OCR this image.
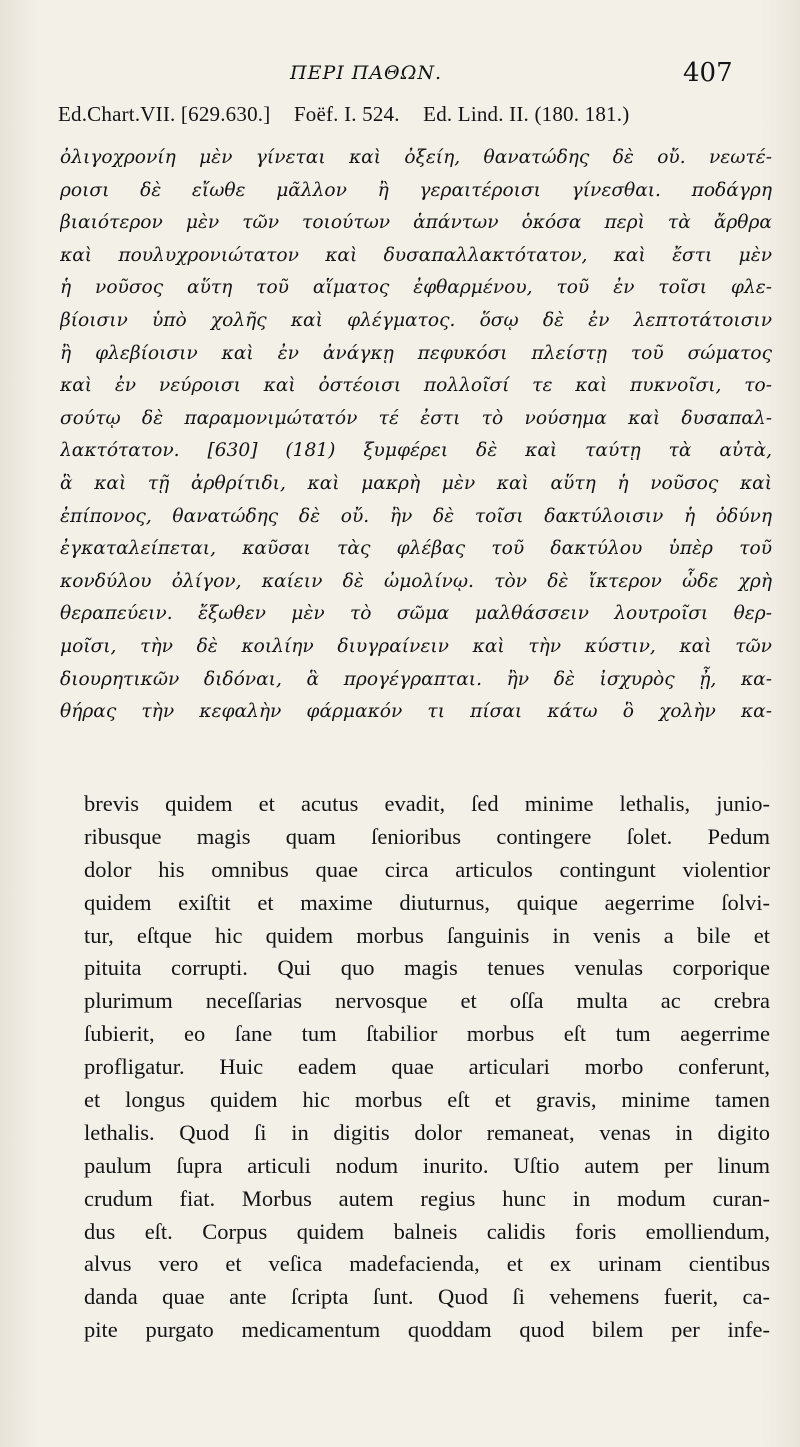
ΠΕΡΙ ΠΑΘΩΝ.	407
Ed.Chart.VII. [629.630.] Foëf. I. 524. Ed. Lind. II. (180. 181.)
ὀλιγοχρονίη μὲν γίνεται καὶ ὀξείη, θανατώδης δὲ οὔ. νεωτέ-
ροισι δὲ εἴωθε μᾶλλον ἢ γεραιτέροισι γίνεσθαι. ποδάγρη
βιαιότερον μὲν τῶν τοιούτων ἁπάντων ὁκόσα περὶ τὰ ἄρθρα
καὶ πουλυχρονιώτατον καὶ δυσαπαλλακτότατον, καὶ ἔστι μὲν
ἡ νοῦσος αὕτη τοῦ αἵματος ἐφθαρμένου, τοῦ ἐν τοῖσι φλε-
βίοισιν ὑπὸ χολῆς καὶ φλέγματος. ὅσῳ δὲ ἐν λεπτοτάτοισιν
ἢ φλεβίοισιν καὶ ἐν ἀνάγκῃ πεφυκόσι πλείστῃ τοῦ σώματος
καὶ ἐν νεύροισι καὶ ὀστέοισι πολλοῖσί τε καὶ πυκνοῖσι, το-
σούτῳ δὲ παραμονιμώτατόν τέ ἐστι τὸ νούσημα καὶ δυσαπαλ-
λακτότατον. [630] (181) ξυμφέρει δὲ καὶ ταύτῃ τὰ αὐτὰ,
ἃ καὶ τῇ ἀρθρίτιδι, καὶ μακρὴ μὲν καὶ αὕτη ἡ νοῦσος καὶ
ἐπίπονος, θανατώδης δὲ οὔ. ἢν δὲ τοῖσι δακτύλοισιν ἡ ὀδύνη
ἐγκαταλείπεται, καῦσαι τὰς φλέβας τοῦ δακτύλου ὑπὲρ τοῦ
κονδύλου ὀλίγον, καίειν δὲ ὠμολίνῳ. τὸν δὲ ἴκτερον ὧδε χρὴ
θεραπεύειν. ἔξωθεν μὲν τὸ σῶμα μαλθάσσειν λουτροῖσι θερ-
μοῖσι, τὴν δὲ κοιλίην διυγραίνειν καὶ τὴν κύστιν, καὶ τῶν
διουρητικῶν διδόναι, ἃ προγέγραπται. ἢν δὲ ἰσχυρὸς ᾖ, κα-
θήρας τὴν κεφαλὴν φάρμακόν τι πίσαι κάτω ὃ χολὴν κα-
brevis quidem et acutus evadit, ſed minime lethalis, junio-
ribusque magis quam ſenioribus contingere ſolet. Pedum
dolor his omnibus quae circa articulos contingunt violentior
quidem exiſtit et maxime diuturnus, quique aegerrime ſolvi-
tur, eſtque hic quidem morbus ſanguinis in venis a bile et
pituita corrupti. Qui quo magis tenues venulas corporique
plurimum neceſſarias nervosque et oſſa multa ac crebra
ſubierit, eo ſane tum ſtabilior morbus eſt tum aegerrime
profligatur. Huic eadem quae articulari morbo conferunt,
et longus quidem hic morbus eſt et gravis, minime tamen
lethalis. Quod ſi in digitis dolor remaneat, venas in digito
paulum ſupra articuli nodum inurito. Uſtio autem per linum
crudum fiat. Morbus autem regius hunc in modum curan-
dus eſt. Corpus quidem balneis calidis foris emolliendum,
alvus vero et veſica madefacienda, et ex urinam cientibus
danda quae ante ſcripta ſunt. Quod ſi vehemens fuerit, ca-
pite purgato medicamentum quoddam quod bilem per infe-
